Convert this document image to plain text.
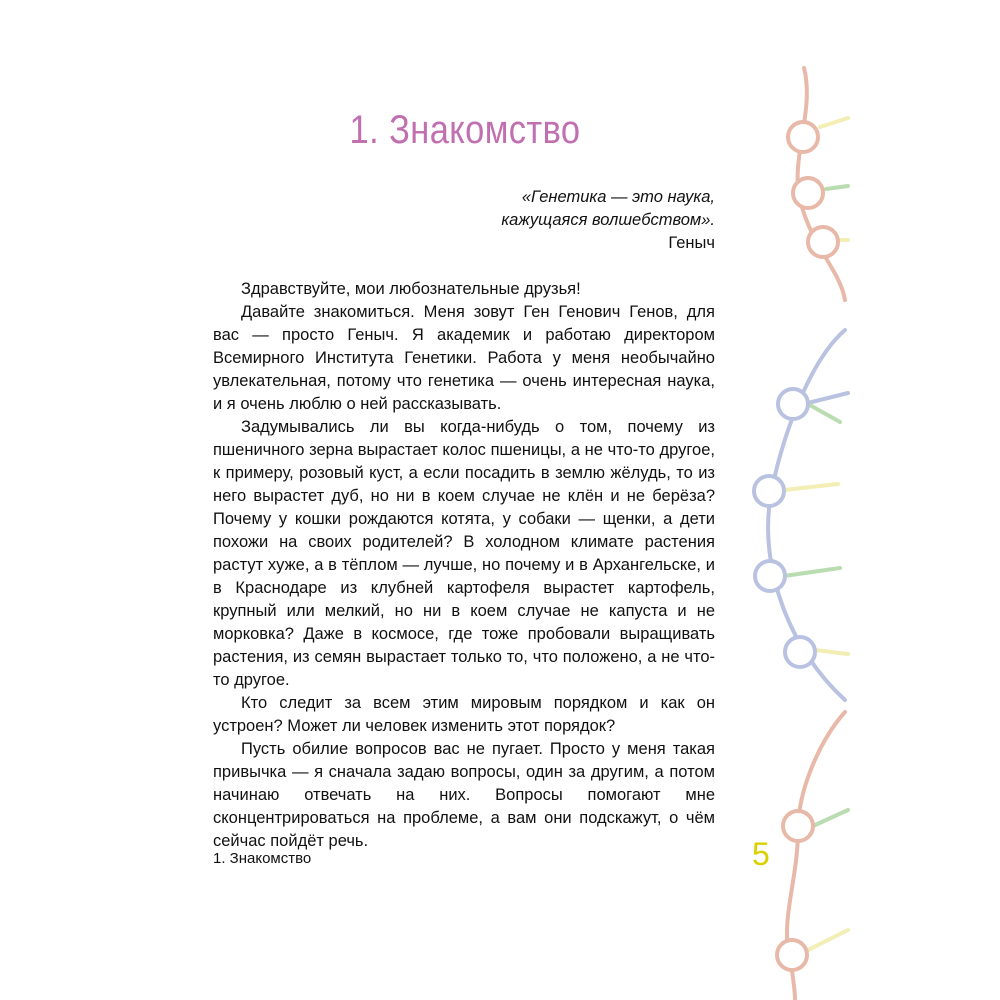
1. Знакомство
«Генетика — это наука,
кажущаяся волшебством».
Геныч

Здравствуйте, мои любознательные друзья!

Давайте знакомиться. Меня зовут Ген Генович Генов, для вас — просто Геныч. Я академик и работаю директором Всемирного Института Генетики. Работа у меня необычайно увлекательная, потому что генетика — очень интересная наука, и я очень люблю о ней рассказывать.

Задумывались ли вы когда-нибудь о том, почему из пшеничного зерна вырастает колос пшеницы, а не что-то другое, к примеру, розовый куст, а если посадить в землю жёлудь, то из него вырастет дуб, но ни в коем случае не клён и не берёза? Почему у кошки рождаются котята, у собаки — щенки, а дети похожи на своих родителей? В холодном климате растения растут хуже, а в тёплом — лучше, но почему и в Архангельске, и в Краснодаре из клубней картофеля вырастет картофель, крупный или мелкий, но ни в коем случае не капуста и не морковка? Даже в космосе, где тоже пробовали выращивать растения, из семян вырастает только то, что положено, а не что-то другое.

Кто следит за всем этим мировым порядком и как он устроен? Может ли человек изменить этот порядок?

Пусть обилие вопросов вас не пугает. Просто у меня такая привычка — я сначала задаю вопросы, один за другим, а потом начинаю отвечать на них. Вопросы помогают мне сконцентрироваться на проблеме, а вам они подскажут, о чём сейчас пойдёт речь.

1. Знакомство	5
